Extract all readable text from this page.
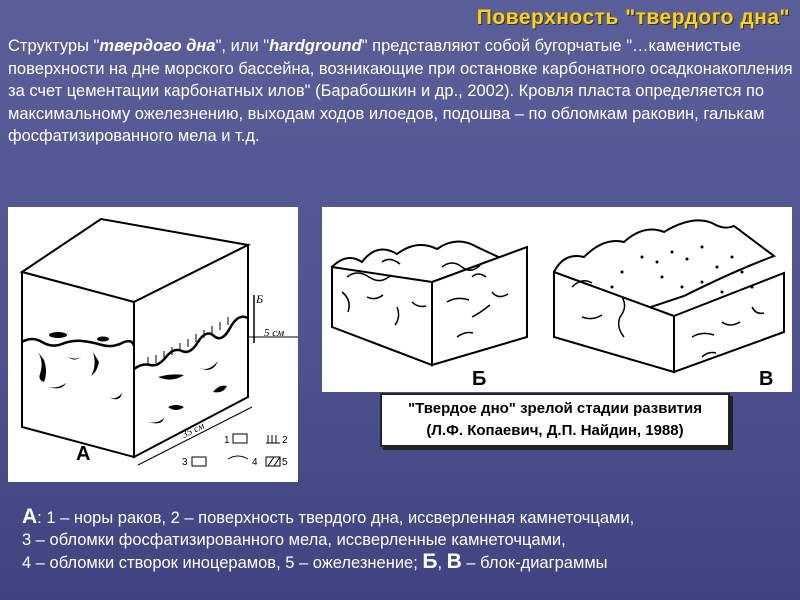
Поверхность "твердого дна"
Структуры "твердого дна", или "hardground" представляют собой бугорчатые "…каменистые поверхности на дне морского бассейна, возникающие при остановке карбонатного осадконакопления за счет цементации карбонатных илов" (Барабошкин и др., 2002). Кровля пласта определяется по максимальному ожелезнению, выходам ходов илоедов, подошва – по обломкам раковин, галькам фосфатизированного мела и т.д.
Б
5 см
35 см
А
1	2
3	4 5
Б	В
"Твердое дно" зрелой стадии развития
(Л.Ф. Копаевич, Д.П. Найдин, 1988)
А: 1 – норы раков, 2 – поверхность твердого дна, иссверленная камнеточцами,
3 – обломки фосфатизированного мела, иссверленные камнеточцами,
4 – обломки створок иноцерамов, 5 – ожелезнение; Б, В – блок-диаграммы
